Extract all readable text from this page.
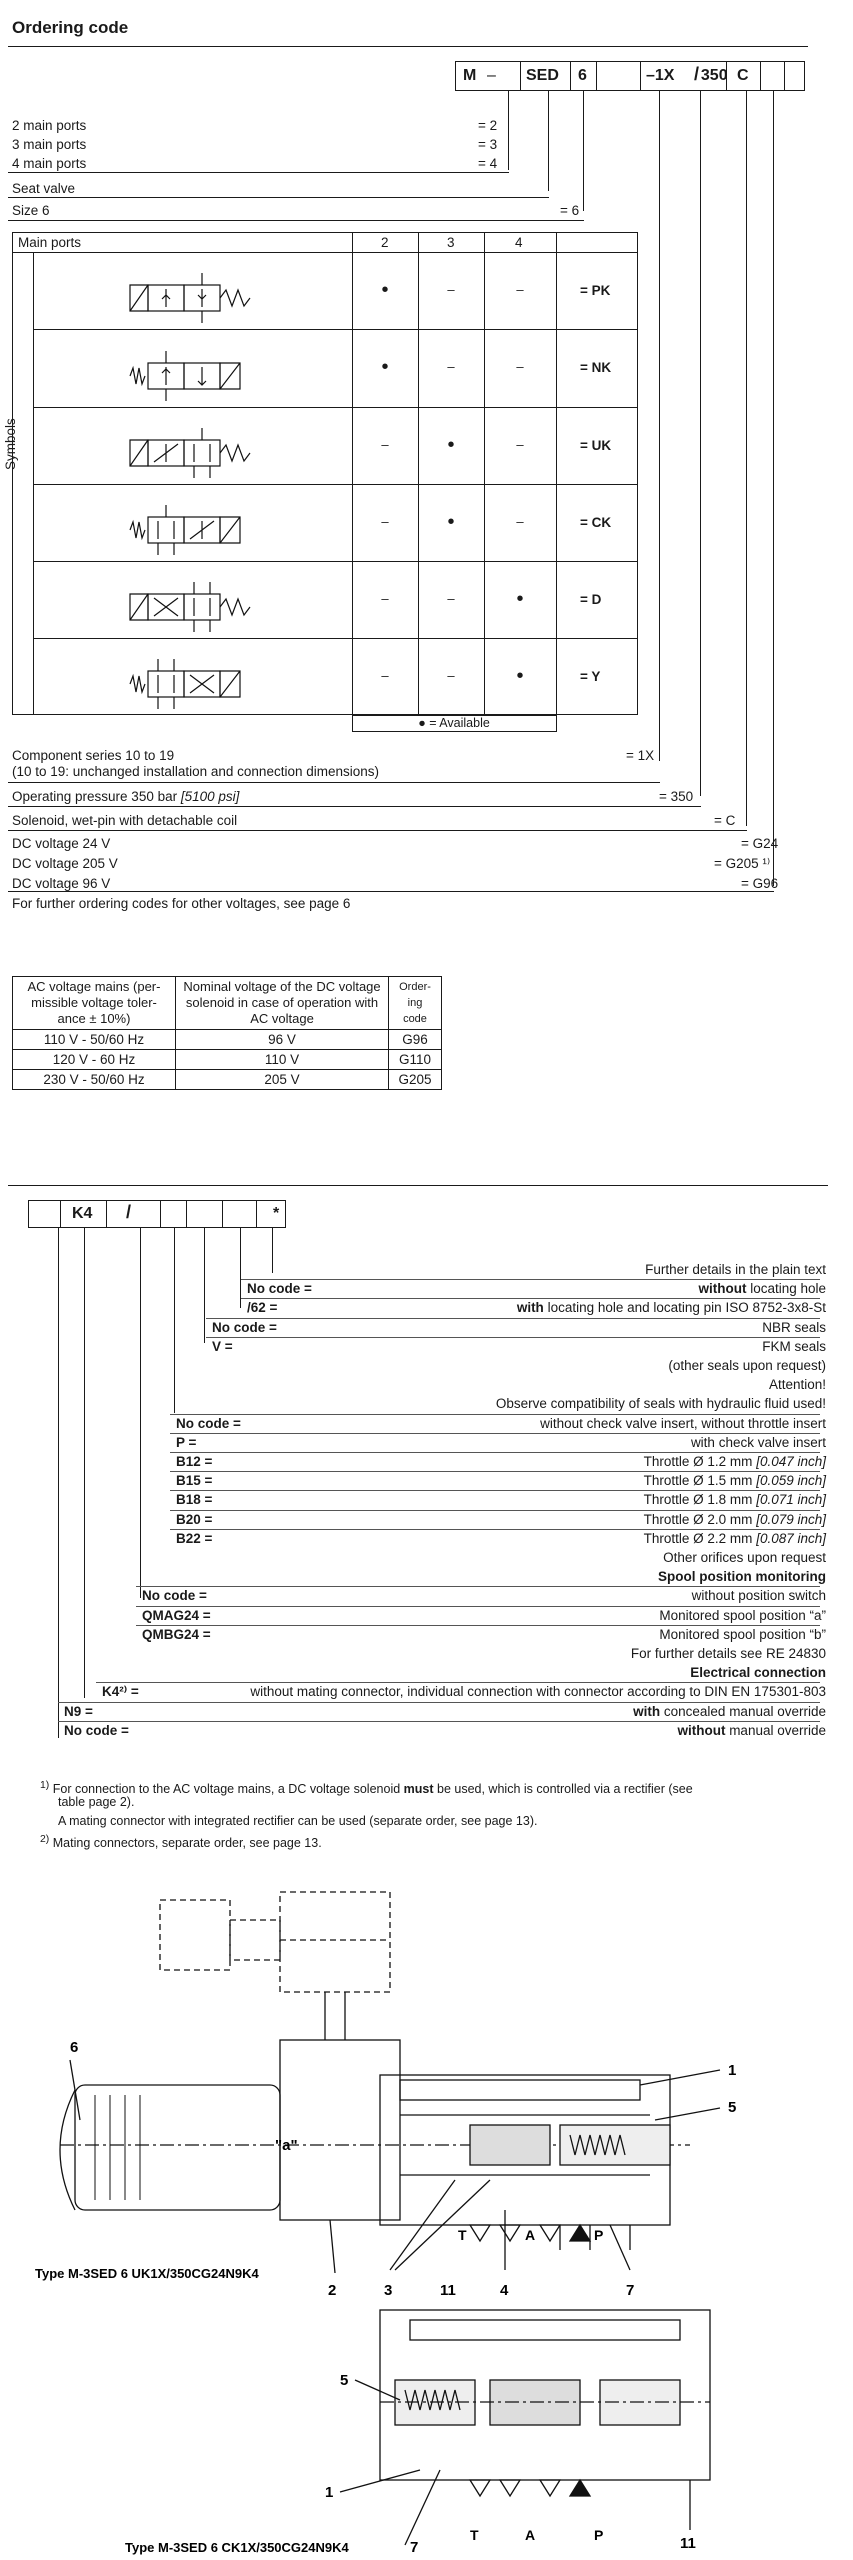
Ordering code
M – SED 6	–1X / 350 C
2 main ports	= 2
3 main ports	= 3
4 main ports	= 4
Seat valve
Size 6	= 6
Main ports	2	3	4
Symbols
● = Available
•	–	–	= PK
•	–	–	= NK
–	•	–	= UK
–	•	–	= CK
–	–	•	= D
–	–	•	= Y
Component series 10 to 19
(10 to 19: unchanged installation and connection dimensions)
= 1X
Operating pressure 350 bar [5100 psi]	= 350
Solenoid, wet-pin with detachable coil	= C
DC voltage 24 V	= G24
DC voltage 205 V	= G205 ¹⁾
DC voltage 96 V	= G96
For further ordering codes for other voltages, see page 6
AC voltage mains (per-missible voltage toler-ance ± 10%)	Nominal voltage of the DC voltage solenoid in case of operation with AC voltage	Order-ing code
110 V - 50/60 Hz	96 V	G96
120 V - 60 Hz	110 V	G110
230 V - 50/60 Hz	205 V	G205
K4 /	*
Further details in the plain text
No code =	without locating hole
/62 =	with locating hole and locating pin ISO 8752-3x8-St
No code =	NBR seals
V =	FKM seals
(other seals upon request)
Attention!
Observe compatibility of seals with hydraulic fluid used!
No code =	without check valve insert, without throttle insert
P =	with check valve insert
B12 =	Throttle Ø 1.2 mm [0.047 inch]
B15 =	Throttle Ø 1.5 mm [0.059 inch]
B18 =	Throttle Ø 1.8 mm [0.071 inch]
B20 =	Throttle Ø 2.0 mm [0.079 inch]
B22 =	Throttle Ø 2.2 mm [0.087 inch]
Other orifices upon request
Spool position monitoring
No code =	without position switch
QMAG24 =	Monitored spool position “a”
QMBG24 =	Monitored spool position “b”
For further details see RE 24830
Electrical connection
K4²⁾ =	without mating connector, individual connection with connector according to DIN EN 175301-803
N9 =	with concealed manual override
No code =	without manual override
$^{1)}$ For connection to the AC voltage mains, a DC voltage solenoid must be used, which is controlled via a rectifier (see
table page 2).
A mating connector with integrated rectifier can be used (separate order, see page 13).
$^{2)}$ Mating connectors, separate order, see page 13.
6
1
5
"a"
2	3	11	4	7
T	A	P
Type M-3SED 6 UK1X/350CG24N9K4
5
1
7
T	A	P	11
Type M-3SED 6 CK1X/350CG24N9K4
